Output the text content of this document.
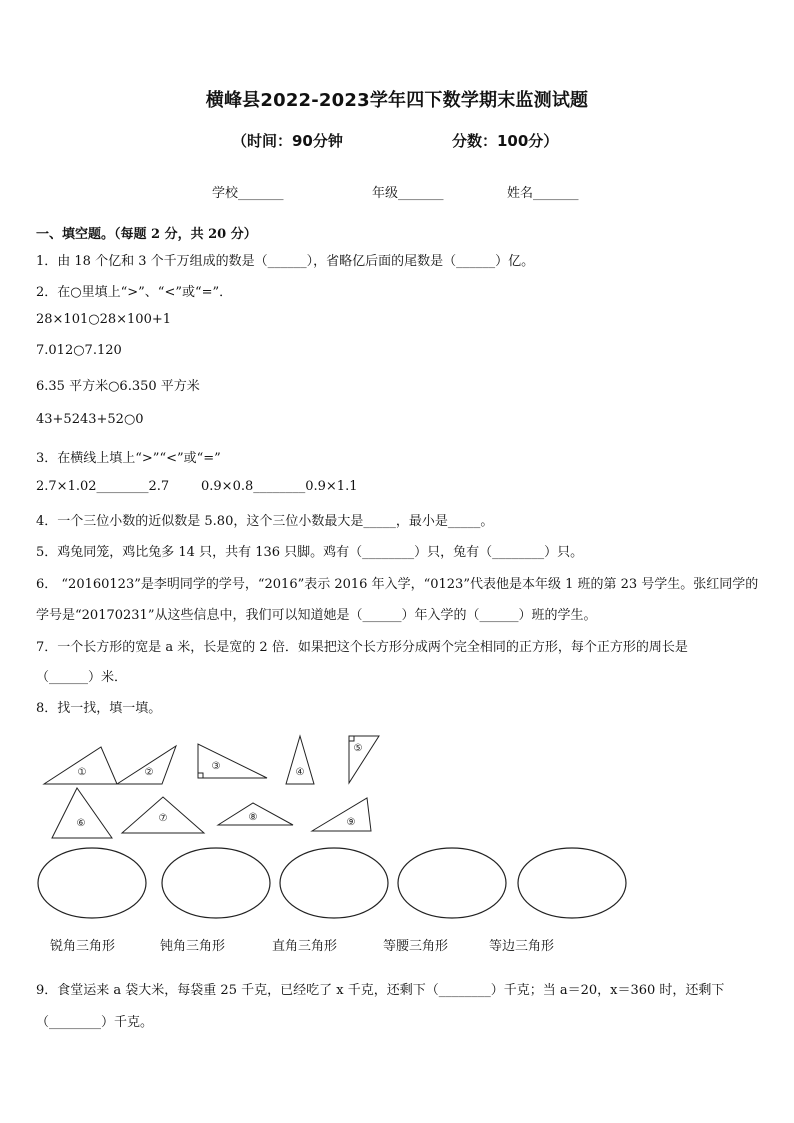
横峰县2022-2023学年四下数学期末监测试题
（时间：90分钟	分数：100分）
学校_______	年级_______	姓名_______
一、填空题。（每题 2 分，共 20 分）
1．由 18 个亿和 3 个千万组成的数是（______），省略亿后面的尾数是（______）亿。
2．在○里填上“>”、“<”或“=”．
28×101○28×100+1
7.012○7.120
6.35 平方米○6.350 平方米
43+5243+52○0
3．在横线上填上“>”“<”或“=”
2.7×1.02________2.7 0.9×0.8________0.9×1.1
4．一个三位小数的近似数是 5.80，这个三位小数最大是_____，最小是_____。
5．鸡兔同笼，鸡比兔多 14 只，共有 136 只脚。鸡有（________）只，兔有（________）只。
6． “20160123”是李明同学的学号，“2016”表示 2016 年入学，“0123”代表他是本年级 1 班的第 23 号学生。张红同学的
学号是“20170231”从这些信息中，我们可以知道她是（______）年入学的（______）班的学生。
7．一个长方形的宽是 a 米，长是宽的 2 倍．如果把这个长方形分成两个完全相同的正方形，每个正方形的周长是
（______）米．
8．找一找，填一填。
①	②
③
④
⑤
⑥	⑦	⑧	⑨
锐角三角形	钝角三角形	直角三角形	等腰三角形	等边三角形
9．食堂运来 a 袋大米，每袋重 25 千克，已经吃了 x 千克，还剩下（________）千克；当 a＝20，x＝360 时，还剩下
（________）千克。
